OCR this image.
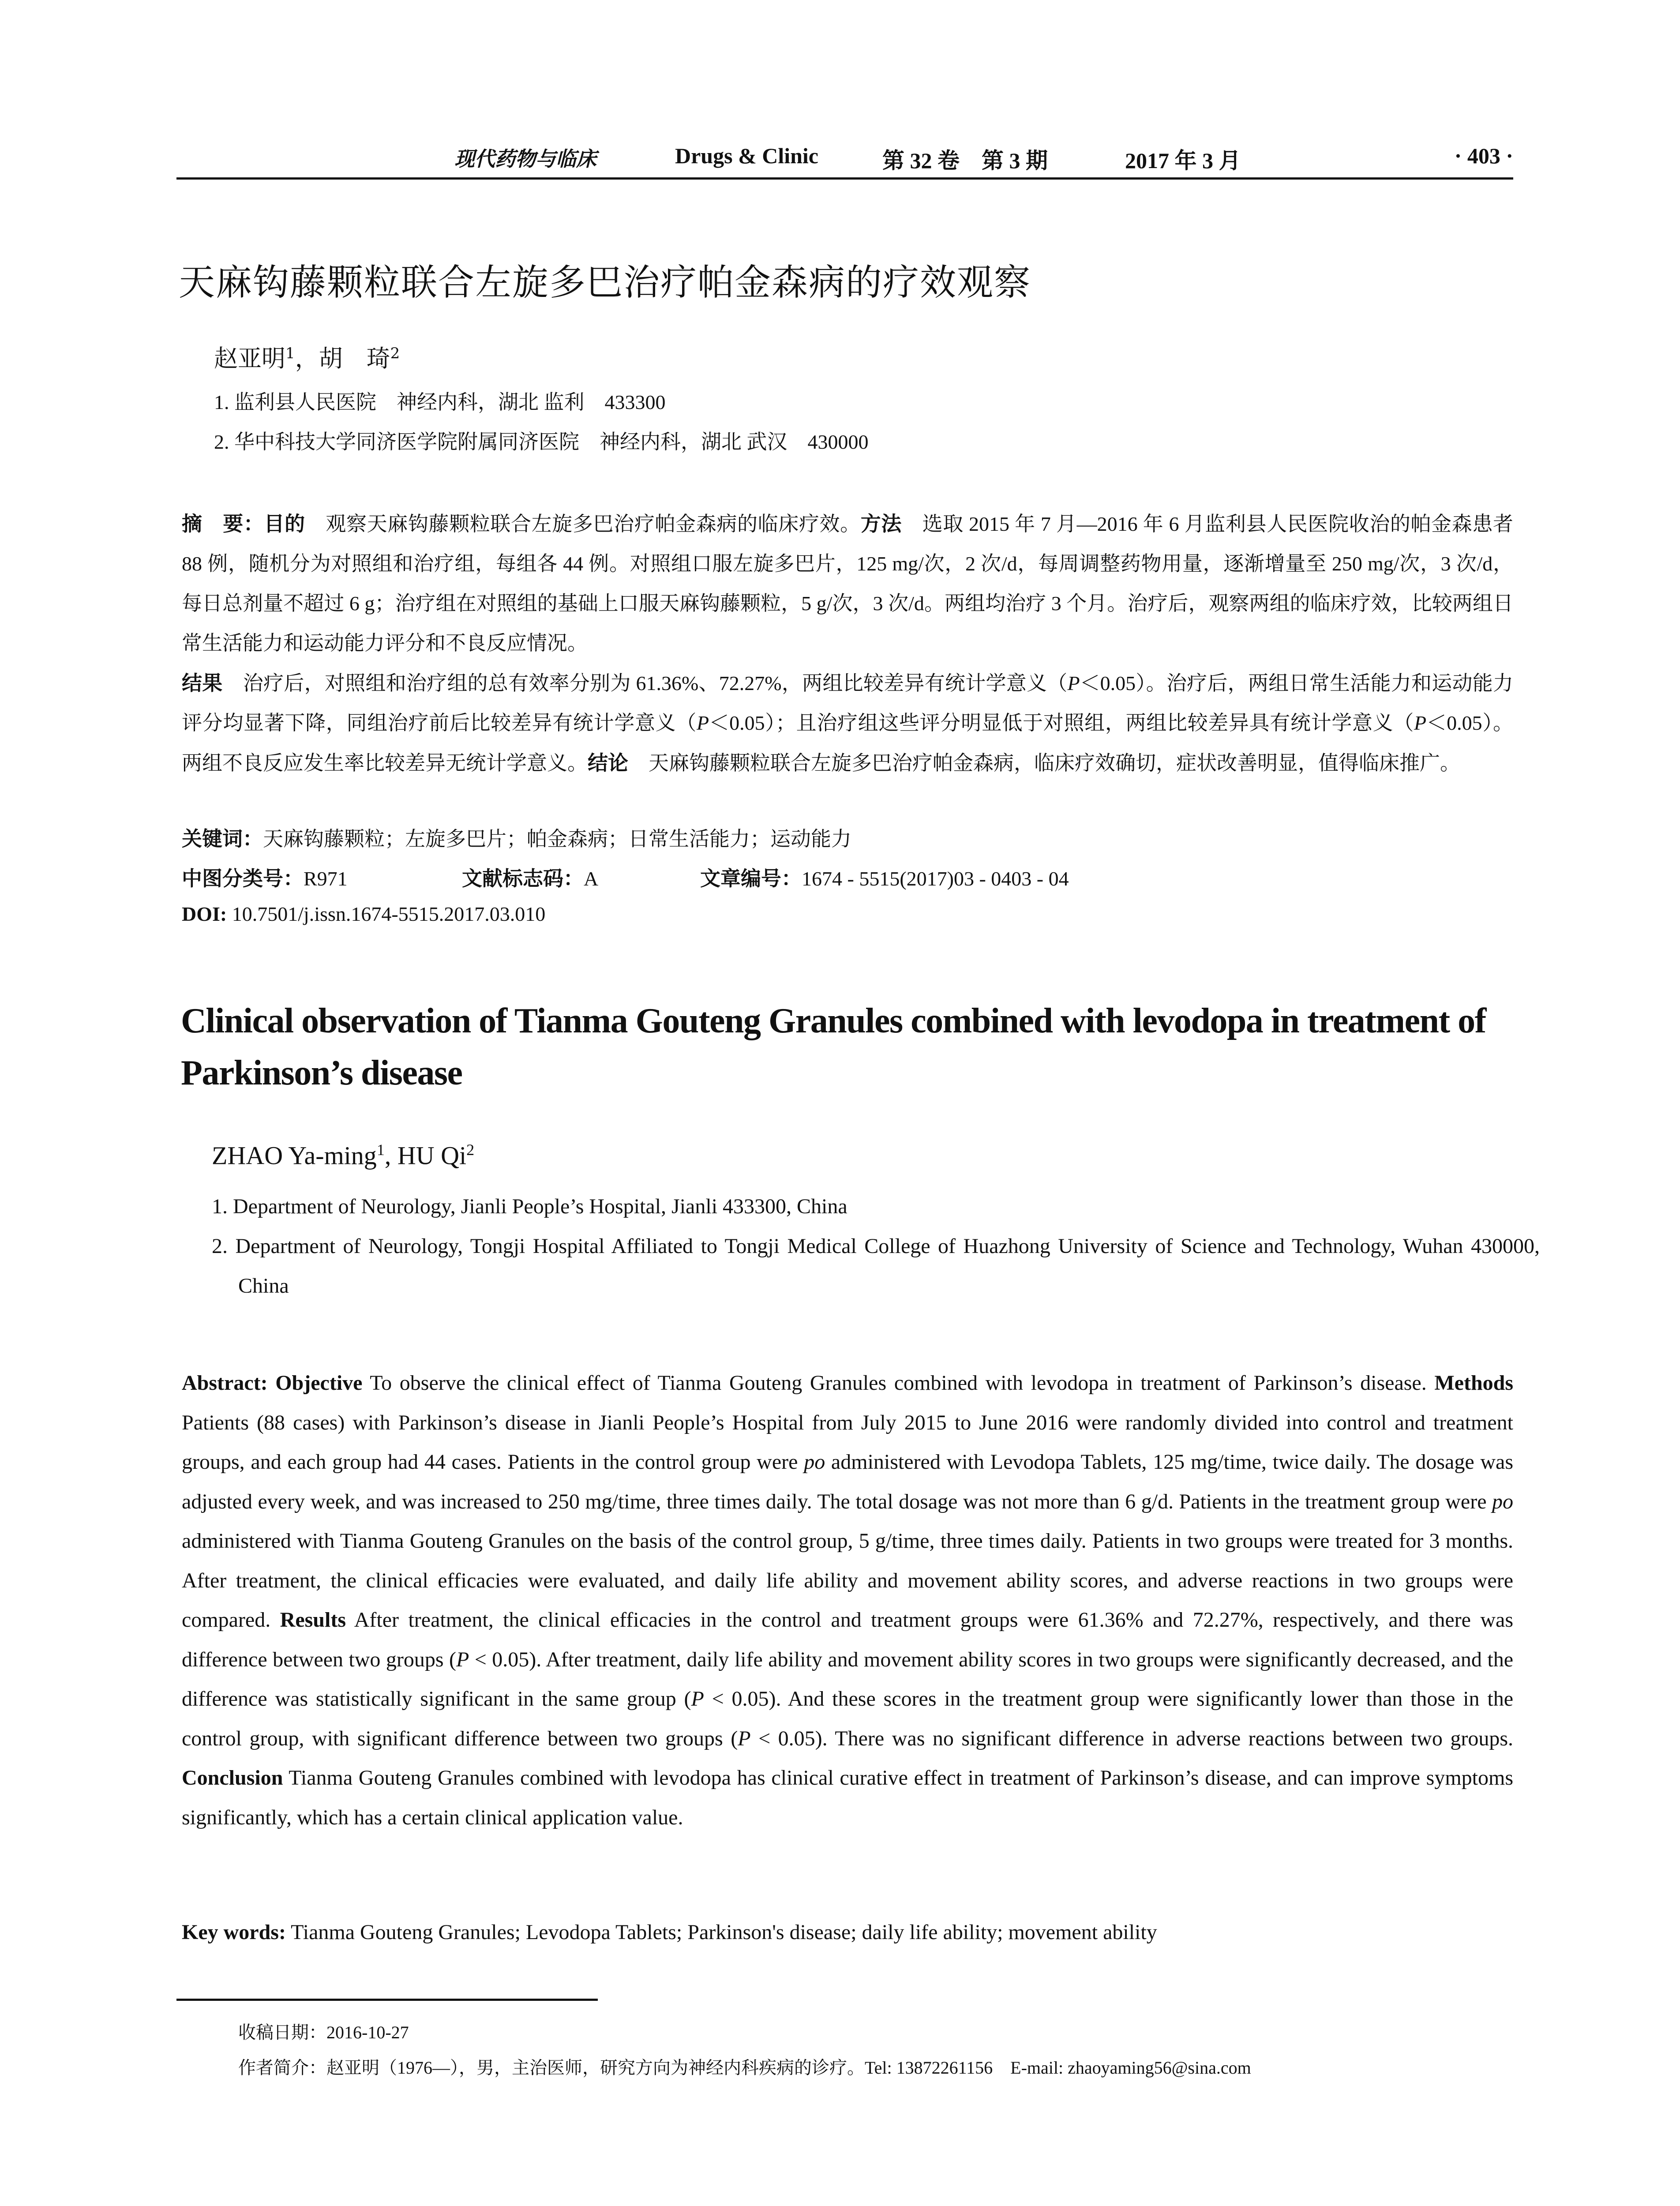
现代药物与临床	Drugs & Clinic	第 32 卷　第 3 期	2017 年 3 月	· 403 ·
天麻钩藤颗粒联合左旋多巴治疗帕金森病的疗效观察
赵亚明$^1$，胡　琦$^2$
1. 监利县人民医院　神经内科，湖北 监利　433300
2. 华中科技大学同济医学院附属同济医院　神经内科，湖北 武汉　430000

摘　要：目的　观察天麻钩藤颗粒联合左旋多巴治疗帕金森病的临床疗效。方法　选取 2015 年 7 月—2016 年 6 月监利县人民医院收治的帕金森患者 88 例，随机分为对照组和治疗组，每组各 44 例。对照组口服左旋多巴片，125 mg/次，2 次/d，每周调整药物用量，逐渐增量至 250 mg/次，3 次/d，每日总剂量不超过 6 g；治疗组在对照组的基础上口服天麻钩藤颗粒，5 g/次，3 次/d。两组均治疗 3 个月。治疗后，观察两组的临床疗效，比较两组日常生活能力和运动能力评分和不良反应情况。
结果　治疗后，对照组和治疗组的总有效率分别为 61.36%、72.27%，两组比较差异有统计学意义（P＜0.05）。治疗后，两组日常生活能力和运动能力评分均显著下降，同组治疗前后比较差异有统计学意义（P＜0.05）；且治疗组这些评分明显低于对照组，两组比较差异具有统计学意义（P＜0.05）。两组不良反应发生率比较差异无统计学意义。结论　天麻钩藤颗粒联合左旋多巴治疗帕金森病，临床疗效确切，症状改善明显，值得临床推广。

关键词：天麻钩藤颗粒；左旋多巴片；帕金森病；日常生活能力；运动能力
中图分类号：R971	文献标志码：A	文章编号：1674 - 5515(2017)03 - 0403 - 04
DOI: 10.7501/j.issn.1674-5515.2017.03.010
Clinical observation of Tianma Gouteng Granules combined with levodopa in treatment of Parkinson’s disease
ZHAO Ya-ming$^1$, HU Qi$^2$
1. Department of Neurology, Jianli People’s Hospital, Jianli 433300, China
2. Department of Neurology, Tongji Hospital Affiliated to Tongji Medical College of Huazhong University of Science and Technology, Wuhan 430000, China

Abstract: Objective To observe the clinical effect of Tianma Gouteng Granules combined with levodopa in treatment of Parkinson’s disease. Methods Patients (88 cases) with Parkinson’s disease in Jianli People’s Hospital from July 2015 to June 2016 were randomly divided into control and treatment groups, and each group had 44 cases. Patients in the control group were po administered with Levodopa Tablets, 125 mg/time, twice daily. The dosage was adjusted every week, and was increased to 250 mg/time, three times daily. The total dosage was not more than 6 g/d. Patients in the treatment group were po administered with Tianma Gouteng Granules on the basis of the control group, 5 g/time, three times daily. Patients in two groups were treated for 3 months. After treatment, the clinical efficacies were evaluated, and daily life ability and movement ability scores, and adverse reactions in two groups were compared. Results After treatment, the clinical efficacies in the control and treatment groups were 61.36% and 72.27%, respectively, and there was difference between two groups (P < 0.05). After treatment, daily life ability and movement ability scores in two groups were significantly decreased, and the difference was statistically significant in the same group (P < 0.05). And these scores in the treatment group were significantly lower than those in the control group, with significant difference between two groups (P < 0.05). There was no significant difference in adverse reactions between two groups. Conclusion Tianma Gouteng Granules combined with levodopa has clinical curative effect in treatment of Parkinson’s disease, and can improve symptoms significantly, which has a certain clinical application value.

Key words: Tianma Gouteng Granules; Levodopa Tablets; Parkinson's disease; daily life ability; movement ability
收稿日期：2016-10-27
作者简介：赵亚明（1976—），男，主治医师，研究方向为神经内科疾病的诊疗。Tel: 13872261156　E-mail: zhaoyaming56@sina.com
